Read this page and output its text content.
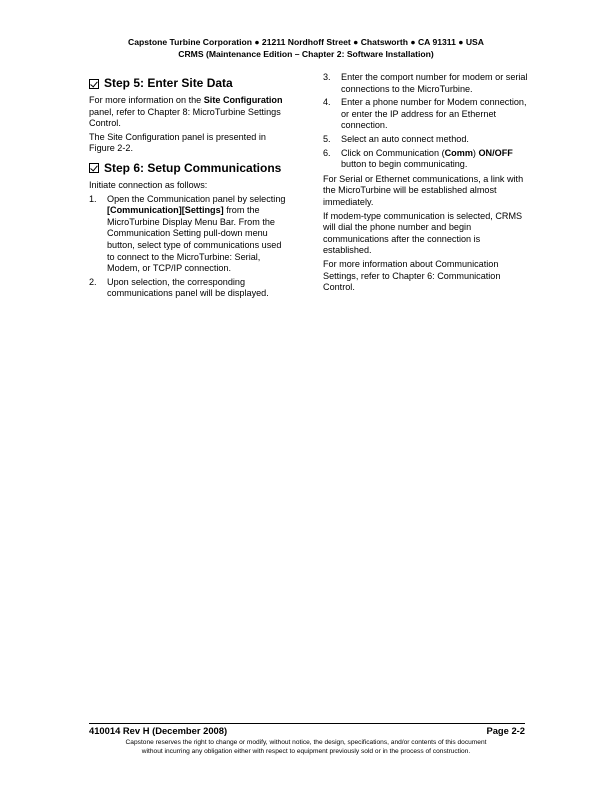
Capstone Turbine Corporation ● 21211 Nordhoff Street ● Chatsworth ● CA 91311 ● USA
CRMS (Maintenance Edition – Chapter 2: Software Installation)
Step 5: Enter Site Data

For more information on the Site Configuration panel, refer to Chapter 8: MicroTurbine Settings Control.

The Site Configuration panel is presented in Figure 2-2.

Step 6: Setup Communications

Initiate connection as follows:

1.	Open the Communication panel by selecting [Communication][Settings] from the MicroTurbine Display Menu Bar. From the Communication Setting pull-down menu button, select type of communications used to connect to the MicroTurbine: Serial, Modem, or TCP/IP connection.
2.	Upon selection, the corresponding communications panel will be displayed.
3.	Enter the comport number for modem or serial connections to the MicroTurbine.
4.	Enter a phone number for Modem connection, or enter the IP address for an Ethernet connection.
5.	Select an auto connect method.
6.	Click on Communication (Comm) ON/OFF button to begin communicating.

For Serial or Ethernet communications, a link with the MicroTurbine will be established almost immediately.

If modem-type communication is selected, CRMS will dial the phone number and begin communications after the connection is established.

For more information about Communication Settings, refer to Chapter 6: Communication Control.

410014 Rev H (December 2008)	Page 2-2
Capstone reserves the right to change or modify, without notice, the design, specifications, and/or contents of this document
without incurring any obligation either with respect to equipment previously sold or in the process of construction.
